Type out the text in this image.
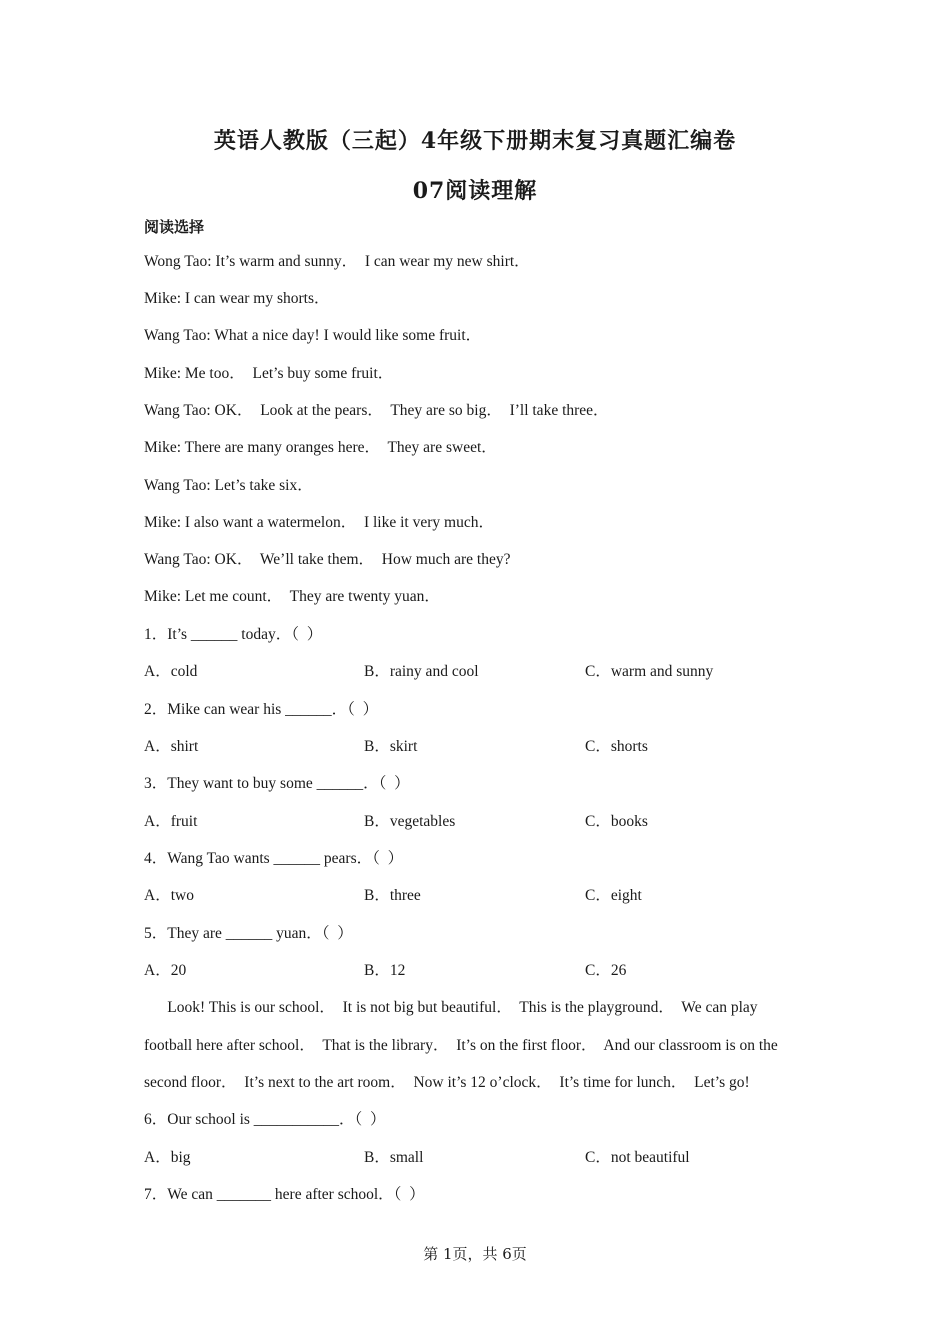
英语人教版（三起）4年级下册期末复习真题汇编卷
07阅读理解
阅读选择
Wong Tao: It’s warm and sunny．  I can wear my new shirt．
Mike: I can wear my shorts．
Wang Tao: What a nice day! I would like some fruit．
Mike: Me too．  Let’s buy some fruit．
Wang Tao: OK．  Look at the pears．  They are so big．  I’ll take three．
Mike: There are many oranges here．  They are sweet．
Wang Tao: Let’s take six．
Mike: I also want a watermelon．  I like it very much．
Wang Tao: OK．  We’ll take them．  How much are they?
Mike: Let me count．  They are twenty yuan．
1．It’s ______ today．（  ）
A．cold	B．rainy and cool	C．warm and sunny
2．Mike can wear his ______．（  ）
A．shirt	B．skirt	C．shorts
3．They want to buy some ______．（  ）
A．fruit	B．vegetables	C．books
4．Wang Tao wants ______ pears．（  ）
A．two	B．three	C．eight
5．They are ______ yuan．（  ）
A．20	B．12	C．26
Look! This is our school．  It is not big but beautiful．  This is the playground．  We can play
football here after school．  That is the library．  It’s on the first floor．  And our classroom is on the
second floor．  It’s next to the art room．  Now it’s 12 o’clock．  It’s time for lunch．  Let’s go!
6．Our school is ___________．（  ）
A．big	B．small	C．not beautiful
7．We can _______ here after school．（  ）
第 1页，共 6页
